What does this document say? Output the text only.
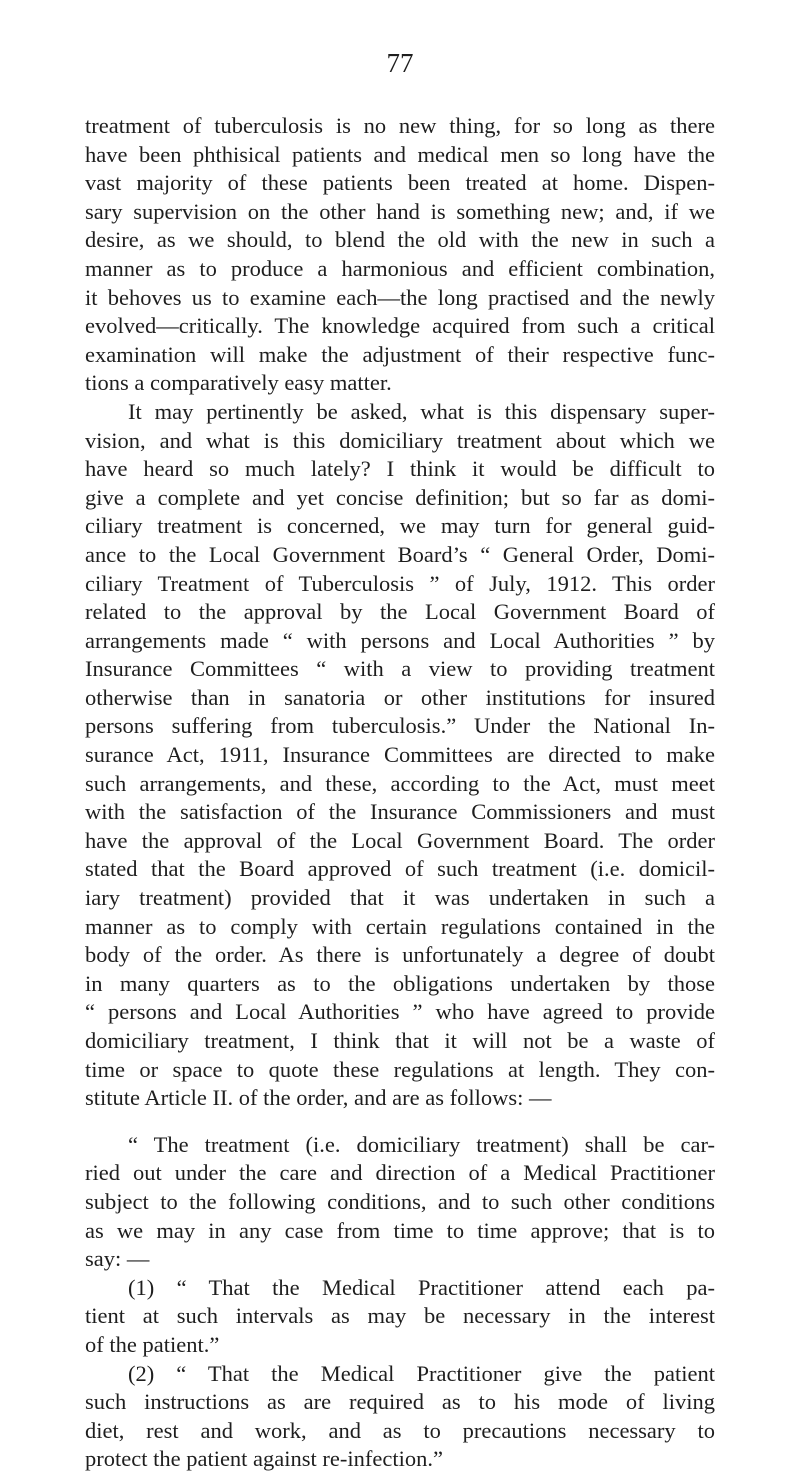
77
treatment of tuberculosis is no new thing, for so long as there
have been phthisical patients and medical men so long have the
vast majority of these patients been treated at home. Dispen-
sary supervision on the other hand is something new; and, if we
desire, as we should, to blend the old with the new in such a
manner as to produce a harmonious and efficient combination,
it behoves us to examine each—the long practised and the newly
evolved—critically. The knowledge acquired from such a critical
examination will make the adjustment of their respective func-
tions a comparatively easy matter.
It may pertinently be asked, what is this dispensary super-
vision, and what is this domiciliary treatment about which we
have heard so much lately? I think it would be difficult to
give a complete and yet concise definition; but so far as domi-
ciliary treatment is concerned, we may turn for general guid-
ance to the Local Government Board’s “ General Order, Domi-
ciliary Treatment of Tuberculosis ” of July, 1912. This order
related to the approval by the Local Government Board of
arrangements made “ with persons and Local Authorities ” by
Insurance Committees “ with a view to providing treatment
otherwise than in sanatoria or other institutions for insured
persons suffering from tuberculosis.” Under the National In-
surance Act, 1911, Insurance Committees are directed to make
such arrangements, and these, according to the Act, must meet
with the satisfaction of the Insurance Commissioners and must
have the approval of the Local Government Board. The order
stated that the Board approved of such treatment (i.e. domicil-
iary treatment) provided that it was undertaken in such a
manner as to comply with certain regulations contained in the
body of the order. As there is unfortunately a degree of doubt
in many quarters as to the obligations undertaken by those
“ persons and Local Authorities ” who have agreed to provide
domiciliary treatment, I think that it will not be a waste of
time or space to quote these regulations at length. They con-
stitute Article II. of the order, and are as follows: —
“ The treatment (i.e. domiciliary treatment) shall be car-
ried out under the care and direction of a Medical Practitioner
subject to the following conditions, and to such other conditions
as we may in any case from time to time approve; that is to
say: —
(1) “ That the Medical Practitioner attend each pa-
tient at such intervals as may be necessary in the interest
of the patient.”
(2) “ That the Medical Practitioner give the patient
such instructions as are required as to his mode of living
diet, rest and work, and as to precautions necessary to
protect the patient against re-infection.”
